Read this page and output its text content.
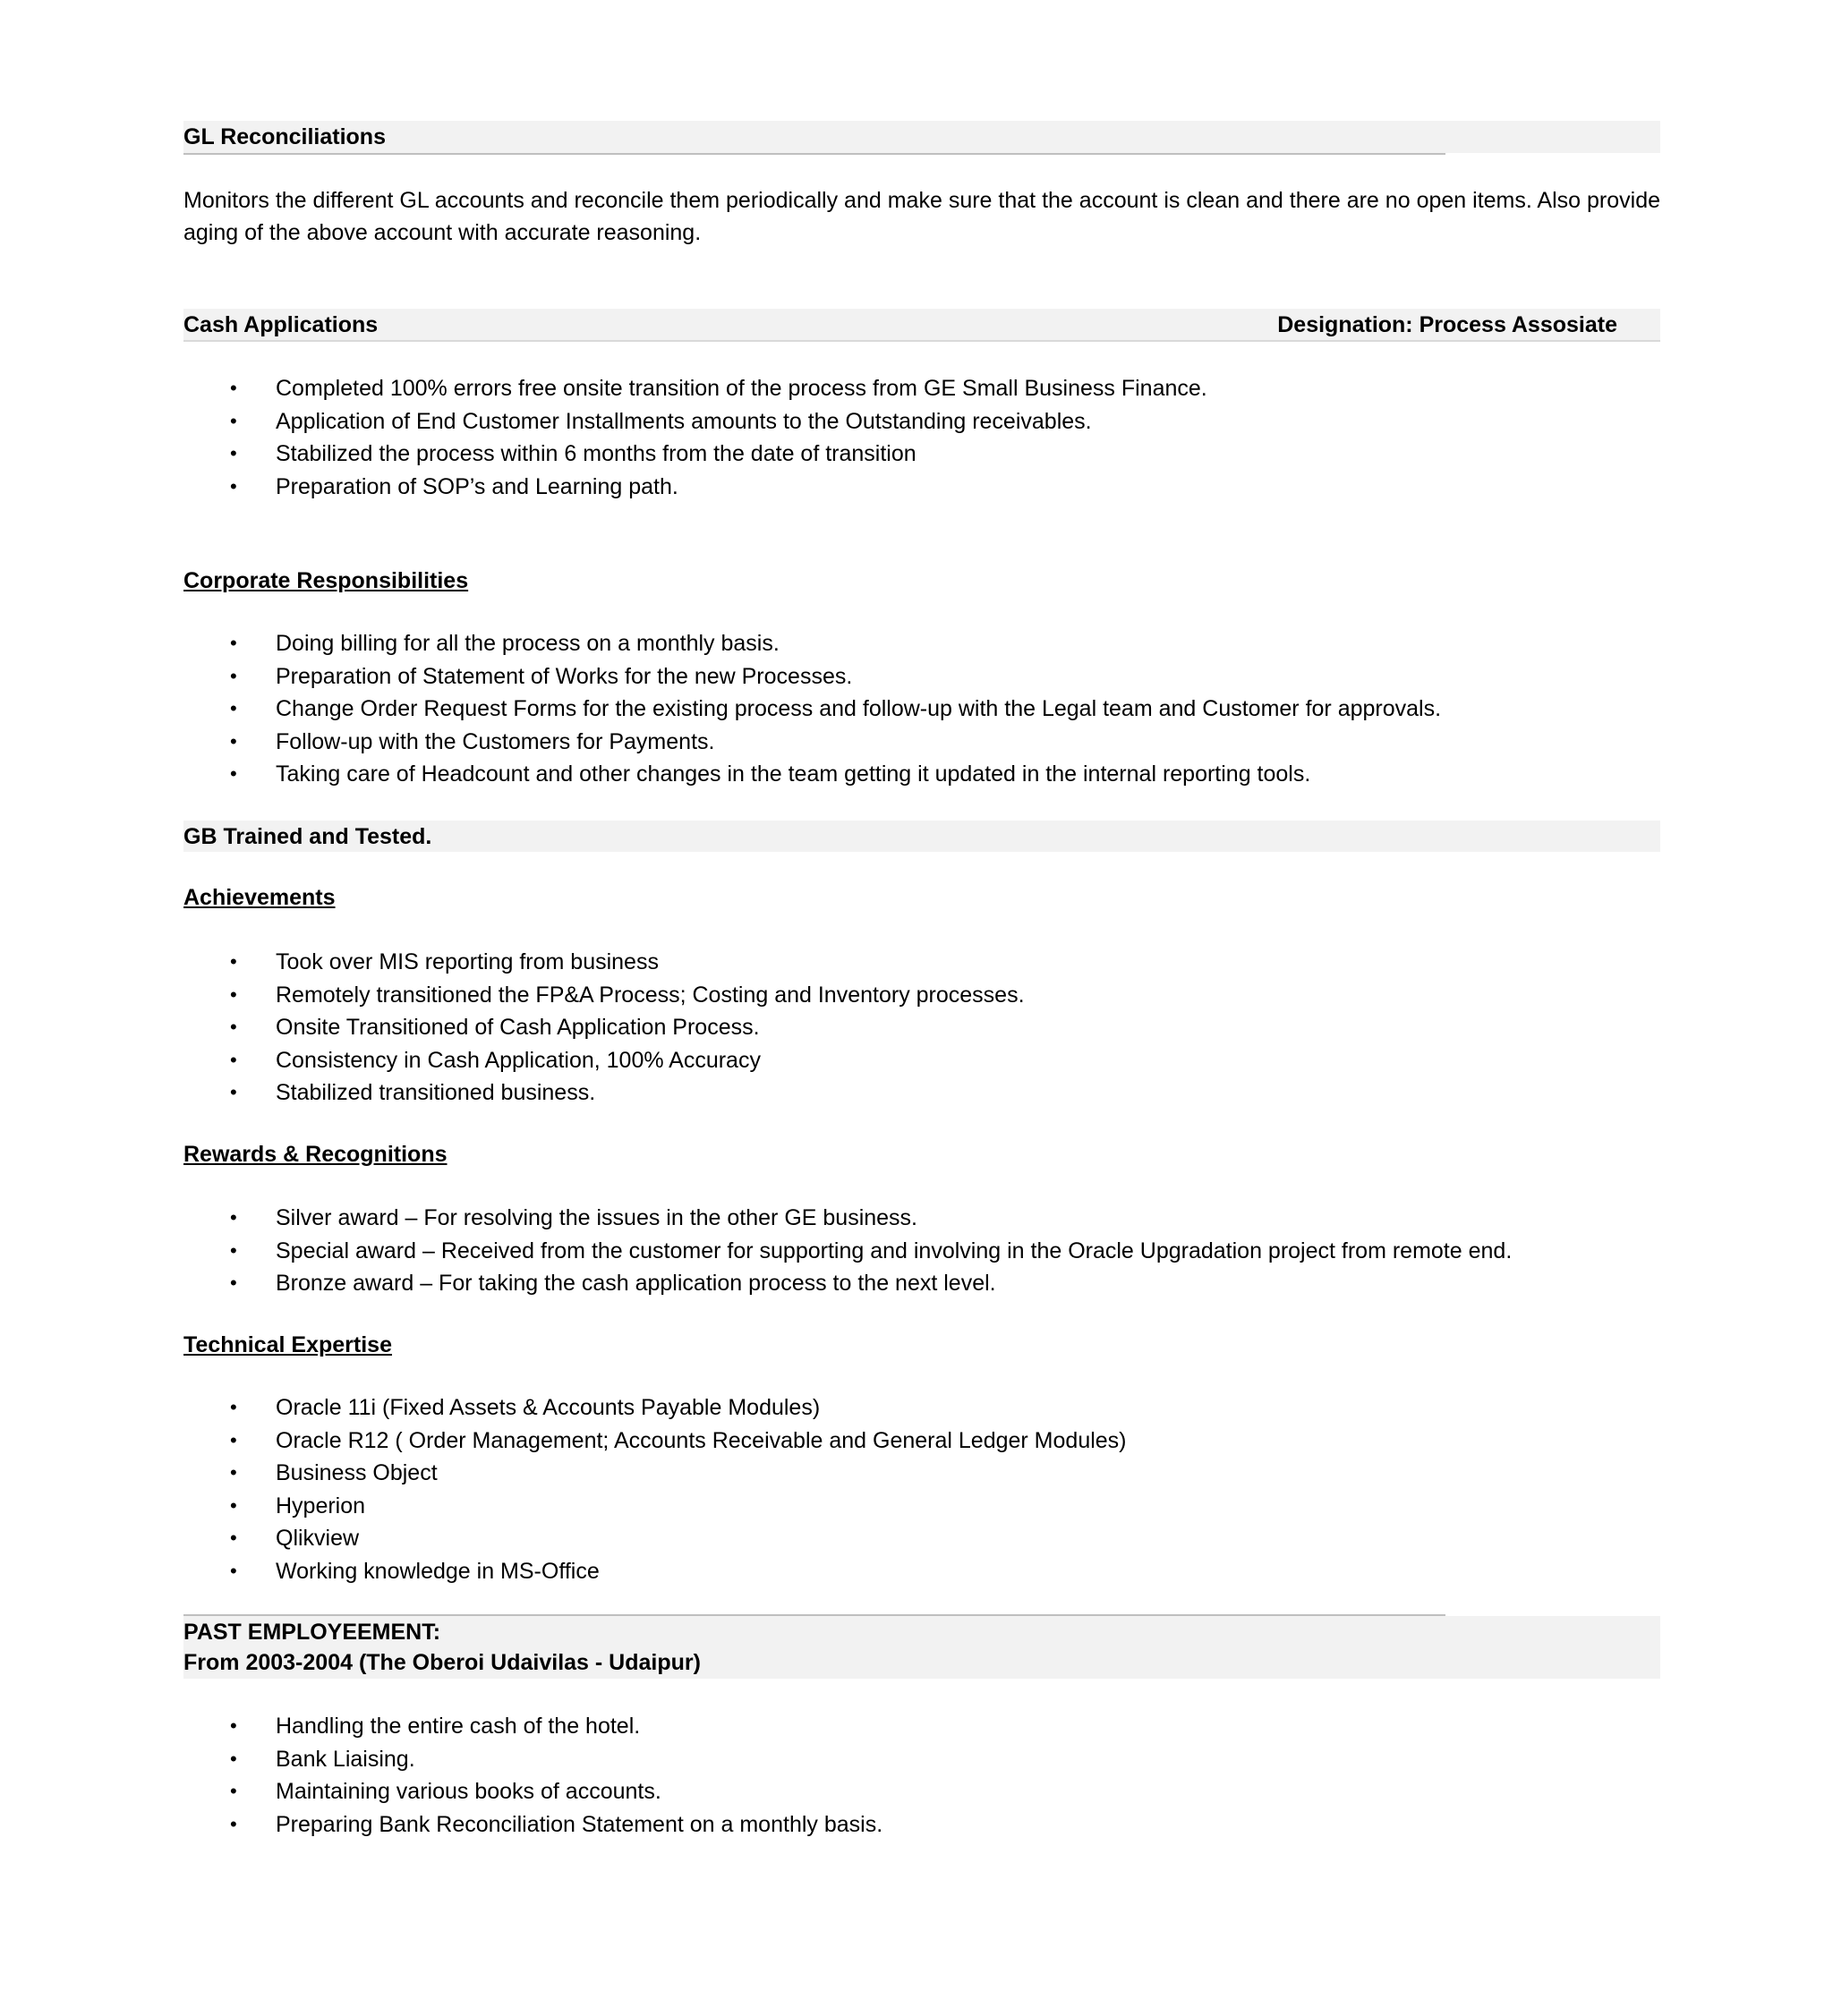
GL Reconciliations
Monitors the different GL accounts and reconcile them periodically and make sure that the account is clean and there are no open items. Also provide aging of the above account with accurate reasoning.
Cash Applications	Designation: Process Assosiate
• Completed 100% errors free onsite transition of the process from GE Small Business Finance.
• Application of End Customer Installments amounts to the Outstanding receivables.
• Stabilized the process within 6 months from the date of transition
• Preparation of SOP’s and Learning path.
Corporate Responsibilities
• Doing billing for all the process on a monthly basis.
• Preparation of Statement of Works for the new Processes.
• Change Order Request Forms for the existing process and follow-up with the Legal team and Customer for approvals.
• Follow-up with the Customers for Payments.
• Taking care of Headcount and other changes in the team getting it updated in the internal reporting tools.
GB Trained and Tested.
Achievements
• Took over MIS reporting from business
• Remotely transitioned the FP&A Process; Costing and Inventory processes.
• Onsite Transitioned of Cash Application Process.
• Consistency in Cash Application, 100% Accuracy
• Stabilized transitioned business.
Rewards & Recognitions
• Silver award – For resolving the issues in the other GE business.
• Special award – Received from the customer for supporting and involving in the Oracle Upgradation project from remote end.
• Bronze award – For taking the cash application process to the next level.
Technical Expertise
• Oracle 11i (Fixed Assets & Accounts Payable Modules)
• Oracle R12 ( Order Management; Accounts Receivable and General Ledger Modules)
• Business Object
• Hyperion
• Qlikview
• Working knowledge in MS-Office
PAST EMPLOYEEMENT:
From 2003-2004 (The Oberoi Udaivilas - Udaipur)
• Handling the entire cash of the hotel.
• Bank Liaising.
• Maintaining various books of accounts.
• Preparing Bank Reconciliation Statement on a monthly basis.
